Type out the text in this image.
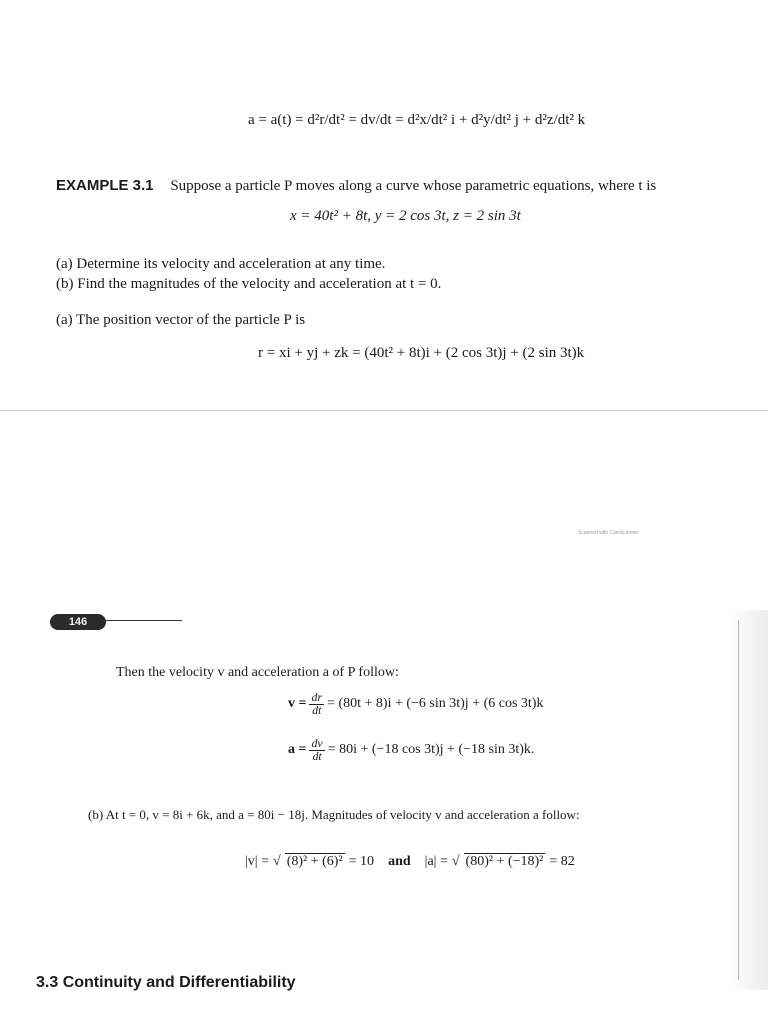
a = a(t) = d²r/dt² = dv/dt = d²x/dt² i + d²y/dt² j + d²z/dt² k
EXAMPLE 3.1 Suppose a particle P moves along a curve whose parametric equations, where t is
x = 40t² + 8t, y = 2 cos 3t, z = 2 sin 3t
(a) Determine its velocity and acceleration at any time.
(b) Find the magnitudes of the velocity and acceleration at t = 0.
(a) The position vector of the particle P is
r = xi + yj + zk = (40t² + 8t)i + (2 cos 3t)j + (2 sin 3t)k
Scanned with CamScanner
146
Then the velocity v and acceleration a of P follow:
$v = \frac{dr}{dt} = (80t + 8)i + (-6$ sin 3t)j + (6 cos 3t)k
$a = \frac{dv}{dt} = 80i + (-18$ cos 3t)j + (−18 sin 3t)k.
(b) At t = 0, v = 8i + 6k, and a = 80i − 18j. Magnitudes of velocity v and acceleration a follow:
|v| = √ (8)² + (6)² = 10 and |a| = √ (80)² + (−18)² = 82
3.3 Continuity and Differentiability
